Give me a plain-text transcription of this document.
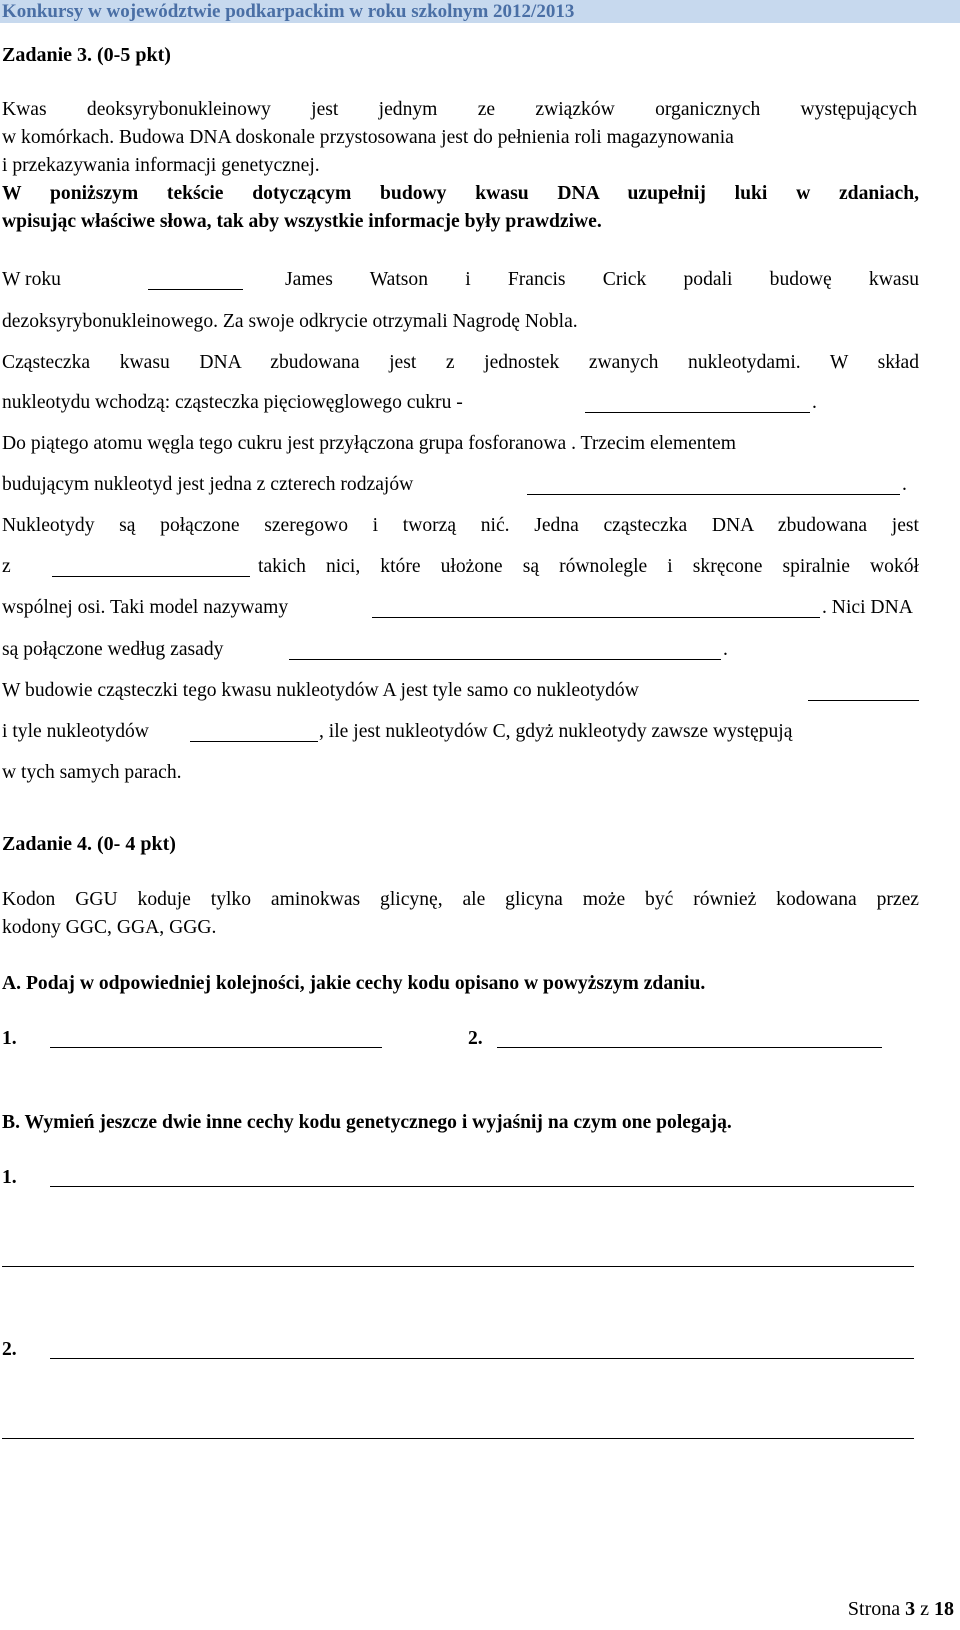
Konkursy w województwie podkarpackim w roku szkolnym 2012/2013
Zadanie 3. (0-5 pkt)
Kwas deoksyrybonukleinowy jest jednym ze związków organicznych występujących
w komórkach. Budowa DNA doskonale przystosowana jest do pełnienia roli magazynowania
i przekazywania informacji genetycznej.
W poniższym tekście dotyczącym budowy kwasu DNA uzupełnij luki w zdaniach,
wpisując właściwe słowa, tak aby wszystkie informacje były prawdziwe.
W roku	James Watson i Francis Crick podali budowę kwasu
dezoksyrybonukleinowego. Za swoje odkrycie otrzymali Nagrodę Nobla.
Cząsteczka kwasu DNA zbudowana jest z jednostek zwanych nukleotydami. W skład
nukleotydu wchodzą: cząsteczka pięciowęglowego cukru -	.
Do piątego atomu węgla tego cukru jest przyłączona grupa fosforanowa . Trzecim elementem
budującym nukleotyd jest jedna z czterech rodzajów	.
Nukleotydy są połączone szeregowo i tworzą nić. Jedna cząsteczka DNA zbudowana jest
z	takich nici, które ułożone są równolegle i skręcone spiralnie wokół
wspólnej osi. Taki model nazywamy	. Nici DNA
są połączone według zasady	.
W budowie cząsteczki tego kwasu nukleotydów A jest tyle samo co nukleotydów
i tyle nukleotydów	, ile jest nukleotydów C, gdyż nukleotydy zawsze występują
w tych samych parach.
Zadanie 4. (0- 4 pkt)
Kodon GGU koduje tylko aminokwas glicynę, ale glicyna może być również kodowana przez
kodony GGC, GGA, GGG.
A. Podaj w odpowiedniej kolejności, jakie cechy kodu opisano w powyższym zdaniu.
1.	2.
B. Wymień jeszcze dwie inne cechy kodu genetycznego i wyjaśnij na czym one polegają.
1.
2.
Strona 3 z 18
